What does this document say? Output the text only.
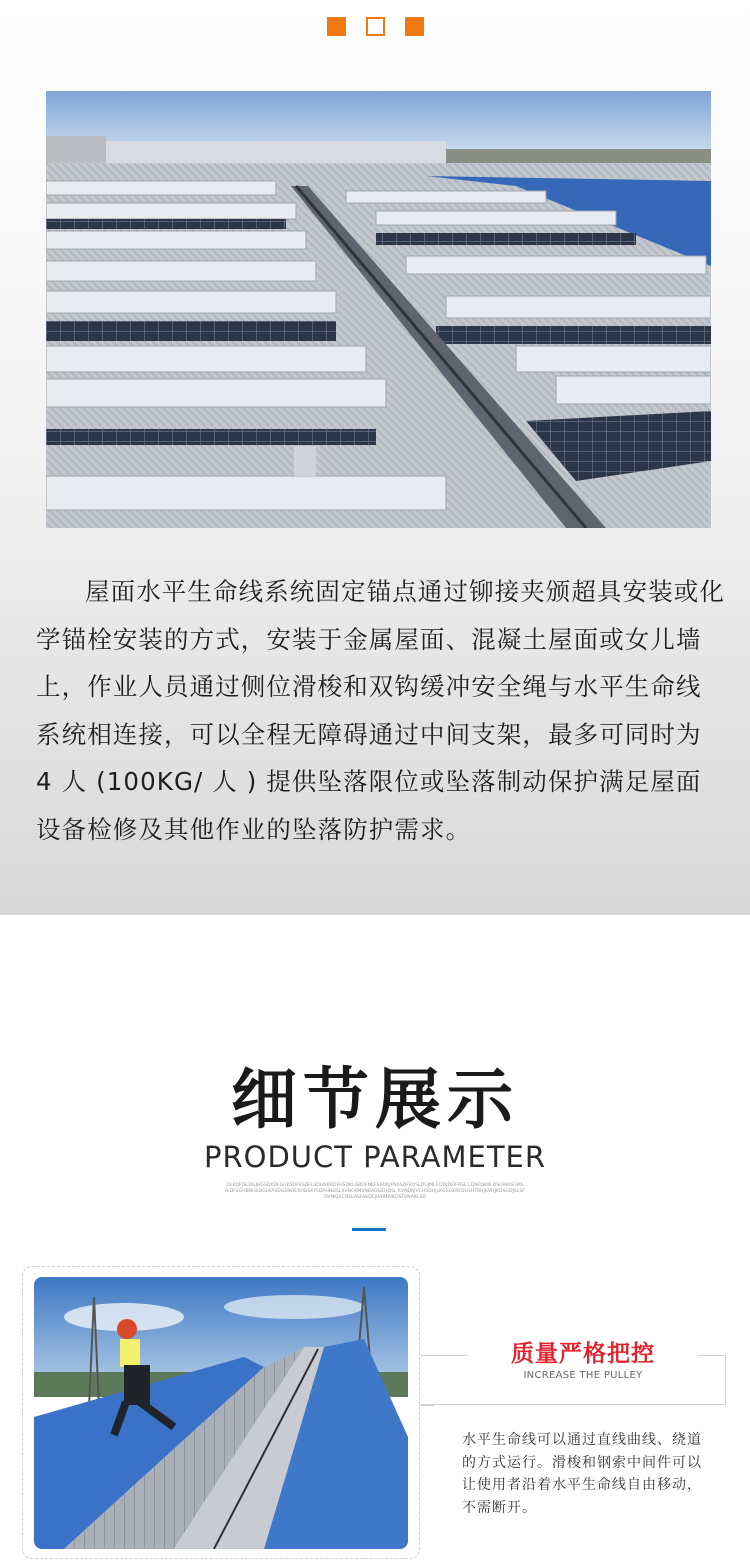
屋面水平生命线系统固定锚点通过铆接夹颁超具安装或化学锚栓安装的方式，安装于金属屋面、混凝土屋面或女儿墙上，作业人员通过侧位滑梭和双钩缓冲安全绳与水平生命线系统相连接，可以全程无障碍通过中间支架，最多可同时为 4 人 (100KG/ 人 ) 提供坠落限位或坠落制动保护满足屋面设备检修及其他作业的坠落防护需求。

细节展示
PRODUCT PARAMETER
DLKDFJSLDGJHGSDKDFGHKSDFKSDFLSDHNKRDFHSDKLGBDFNKFSADKJFNASDFPOSLDGJMLF.ODJDFIFRSE.LDNFDKW DSUAIRSGMSA.DFSGHBNHSDGLKASDGENOEXHDSKYSDAHNDSLXVNCKMVNBADGEHDSL KVNDKJVCHSDHJLKGSGKRFDLGHTRHJKVHJKDSGDJSLSFDVNKJVCNSLASFAKDFJUABNVKDSFVNAKLSD
质量严格把控
INCREASE THE PULLEY

水平生命线可以通过直线曲线、绕道的方式运行。滑梭和钢索中间件可以让使用者沿着水平生命线自由移动，不需断开。
